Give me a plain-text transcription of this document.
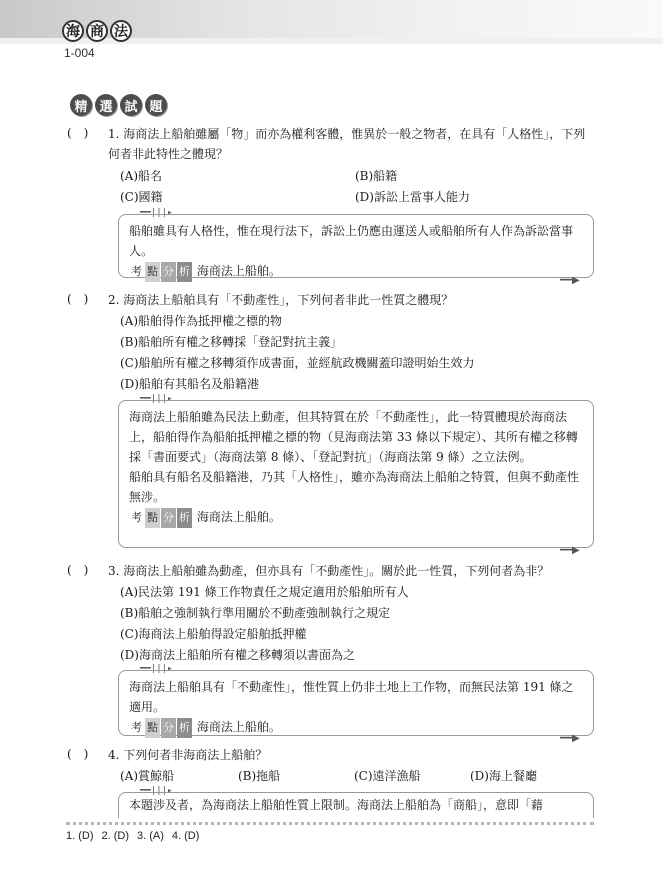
海 商 法
1-004
精 選 試 題
(　) 1. 海商法上船舶雖屬「物」而亦為權利客體，惟異於一般之物者，在具有「人格性」，下列何者非此特性之體現？
(A)船名	(B)船籍
(C)國籍	(D)訴訟上當事人能力
━━|||▸
船舶雖具有人格性，惟在現行法下，訴訟上仍應由運送人或船舶所有人作為訴訟當事人。
考 點 分 析 海商法上船舶。
━━▶
(　) 2. 海商法上船舶具有「不動產性」，下列何者非此一性質之體現？
(A)船舶得作為抵押權之標的物
(B)船舶所有權之移轉採「登記對抗主義」
(C)船舶所有權之移轉須作成書面，並經航政機關蓋印證明始生效力
(D)船舶有其船名及船籍港
━━|||▸
海商法上船舶雖為民法上動產，但其特質在於「不動產性」，此一特質體現於海商法上，船舶得作為船舶抵押權之標的物（見海商法第 33 條以下規定）、其所有權之移轉採「書面要式」（海商法第 8 條）、「登記對抗」（海商法第 9 條）之立法例。
船舶具有船名及船籍港，乃其「人格性」，雖亦為海商法上船舶之特質，但與不動產性無涉。
考 點 分 析 海商法上船舶。
━━▶
(　) 3. 海商法上船舶雖為動產，但亦具有「不動產性」。關於此一性質，下列何者為非？
(A)民法第 191 條工作物責任之規定適用於船舶所有人
(B)船舶之強制執行準用關於不動產強制執行之規定
(C)海商法上船舶得設定船舶抵押權
(D)海商法上船舶所有權之移轉須以書面為之
━━|||▸
海商法上船舶具有「不動產性」，惟性質上仍非土地上工作物，而無民法第 191 條之適用。
考 點 分 析 海商法上船舶。
━━▶
(　) 4. 下列何者非海商法上船舶？
(A)賞鯨船	(B)拖船	(C)遠洋漁船	(D)海上餐廳
━━|||▸
本題涉及者，為海商法上船舶性質上限制。海商法上船舶為「商船」，意即「藉
1. (D) 2. (D) 3. (A) 4. (D)
